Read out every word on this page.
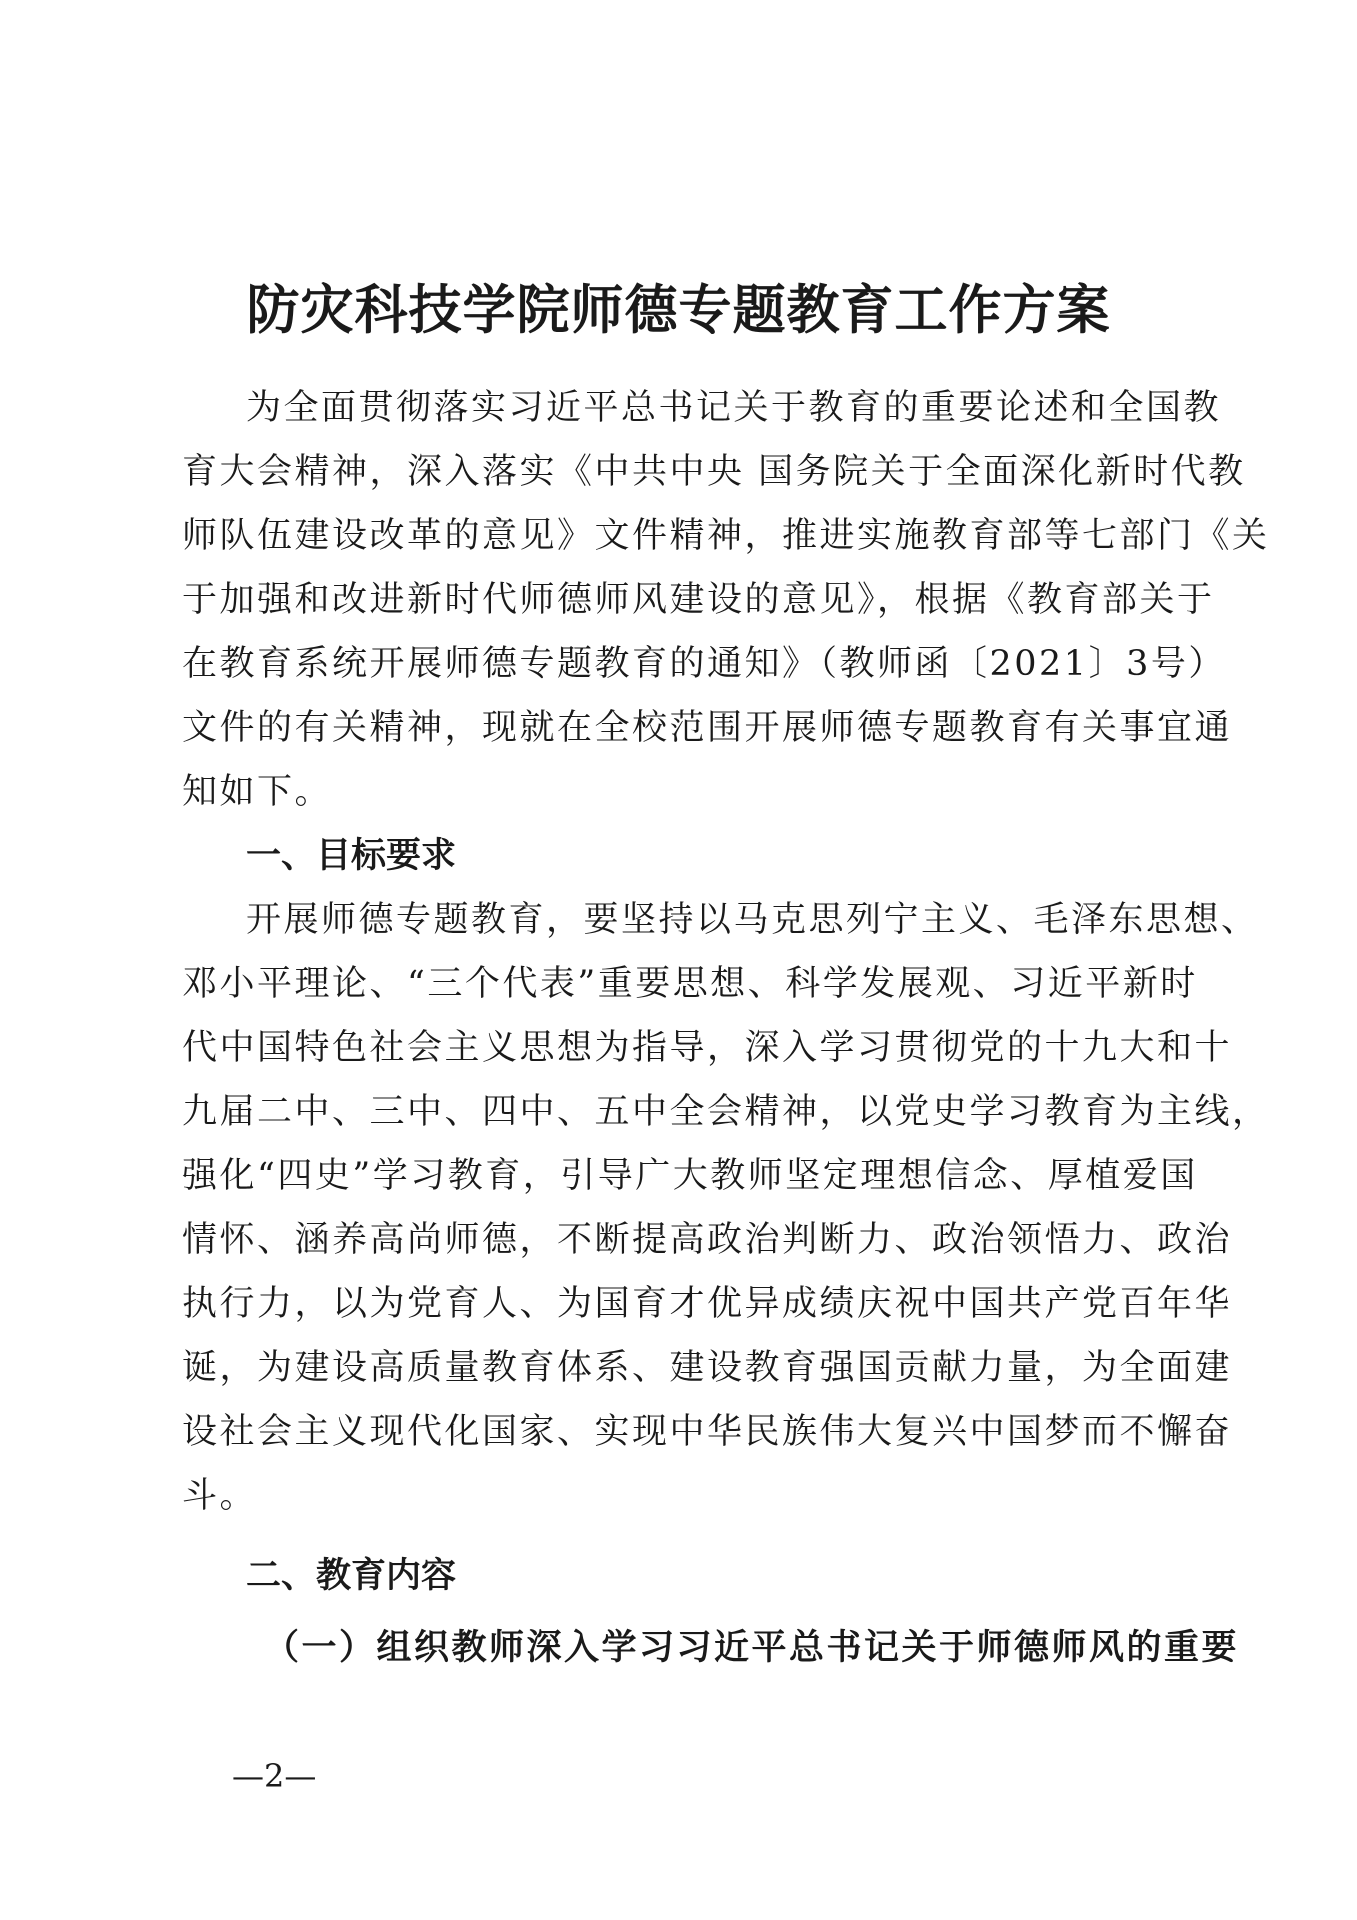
防灾科技学院师德专题教育工作方案
为全面贯彻落实习近平总书记关于教育的重要论述和全国教
育大会精神，深入落实《中共中央 国务院关于全面深化新时代教
师队伍建设改革的意见》文件精神，推进实施教育部等七部门《关
于加强和改进新时代师德师风建设的意见》，根据《教育部关于
在教育系统开展师德专题教育的通知》（教师函〔2021〕3号）
文件的有关精神，现就在全校范围开展师德专题教育有关事宜通
知如下。
一、目标要求
开展师德专题教育，要坚持以马克思列宁主义、毛泽东思想、
邓小平理论、“三个代表”重要思想、科学发展观、习近平新时
代中国特色社会主义思想为指导，深入学习贯彻党的十九大和十
九届二中、三中、四中、五中全会精神，以党史学习教育为主线，
强化“四史”学习教育，引导广大教师坚定理想信念、厚植爱国
情怀、涵养高尚师德，不断提高政治判断力、政治领悟力、政治
执行力，以为党育人、为国育才优异成绩庆祝中国共产党百年华
诞，为建设高质量教育体系、建设教育强国贡献力量，为全面建
设社会主义现代化国家、实现中华民族伟大复兴中国梦而不懈奋
斗。
二、教育内容
（一）组织教师深入学习习近平总书记关于师德师风的重要
—2—
